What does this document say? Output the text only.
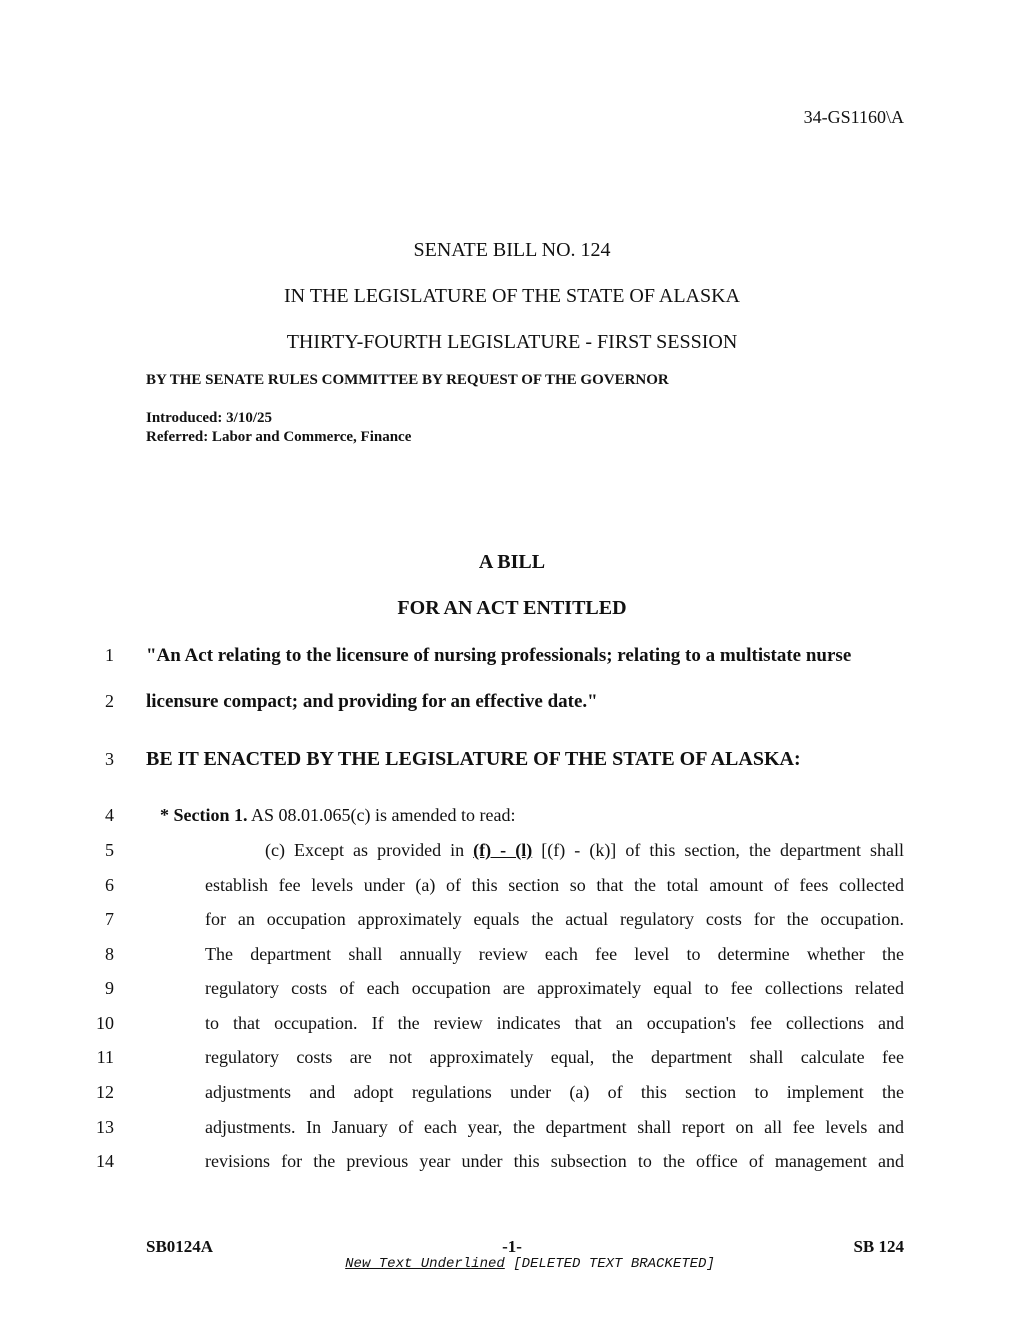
34-GS1160\A
SENATE BILL NO. 124
IN THE LEGISLATURE OF THE STATE OF ALASKA
THIRTY-FOURTH LEGISLATURE - FIRST SESSION
BY THE SENATE RULES COMMITTEE BY REQUEST OF THE GOVERNOR
Introduced: 3/10/25
Referred: Labor and Commerce, Finance
A BILL
FOR AN ACT ENTITLED
1
2
3
4
5
6
7
8
9
10
11
12
13
14
"An Act relating to the licensure of nursing professionals; relating to a multistate nurse
licensure compact; and providing for an effective date."
BE IT ENACTED BY THE LEGISLATURE OF THE STATE OF ALASKA:
* Section 1. AS 08.01.065(c) is amended to read:
(c) Except as provided in (f) - (l) [(f) - (k)] of this section, the department shall
establish fee levels under (a) of this section so that the total amount of fees collected
for an occupation approximately equals the actual regulatory costs for the occupation.
The department shall annually review each fee level to determine whether the
regulatory costs of each occupation are approximately equal to fee collections related
to that occupation. If the review indicates that an occupation's fee collections and
regulatory costs are not approximately equal, the department shall calculate fee
adjustments and adopt regulations under (a) of this section to implement the
adjustments. In January of each year, the department shall report on all fee levels and
revisions for the previous year under this subsection to the office of management and
-1-
SB0124A	SB 124
New Text Underlined [DELETED TEXT BRACKETED]
